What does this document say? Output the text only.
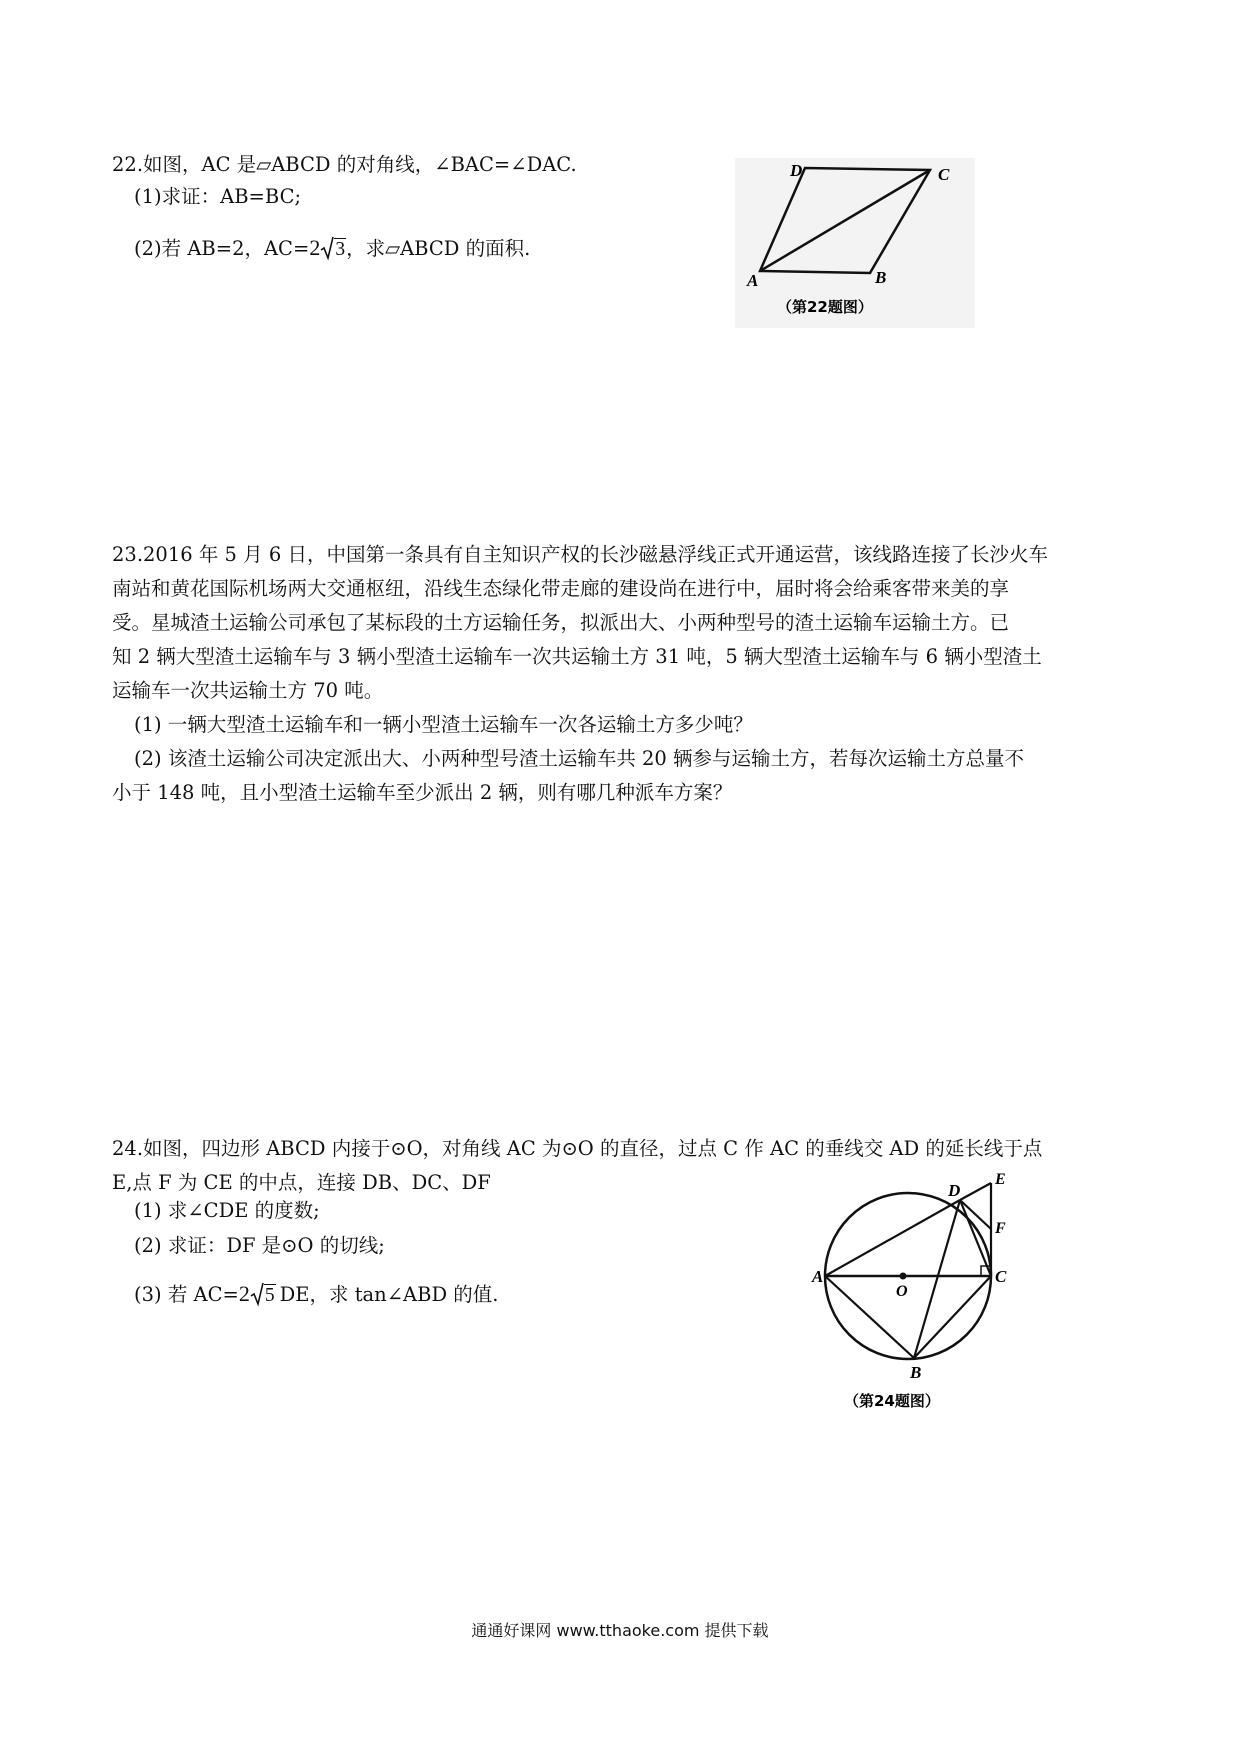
22.如图，AC 是▱ABCD 的对角线，∠BAC=∠DAC.
(1)求证：AB=BC;
(2)若 AB=2，AC=2 3，求▱ABCD 的面积.
D	C
A	B
（第22题图）

23.2016 年 5 月 6 日，中国第一条具有自主知识产权的长沙磁悬浮线正式开通运营，该线路连接了长沙火车

南站和黄花国际机场两大交通枢纽，沿线生态绿化带走廊的建设尚在进行中，届时将会给乘客带来美的享

受。星城渣土运输公司承包了某标段的土方运输任务，拟派出大、小两种型号的渣土运输车运输土方。已

知 2 辆大型渣土运输车与 3 辆小型渣土运输车一次共运输土方 31 吨，5 辆大型渣土运输车与 6 辆小型渣土

运输车一次共运输土方 70 吨。

(1) 一辆大型渣土运输车和一辆小型渣土运输车一次各运输土方多少吨？

(2) 该渣土运输公司决定派出大、小两种型号渣土运输车共 20 辆参与运输土方，若每次运输土方总量不

小于 148 吨，且小型渣土运输车至少派出 2 辆，则有哪几种派车方案？

24.如图，四边形 ABCD 内接于⊙O，对角线 AC 为⊙O 的直径，过点 C 作 AC 的垂线交 AD 的延长线于点

E,点 F 为 CE 的中点，连接 DB、DC、DF

(1) 求∠CDE 的度数;
(2) 求证：DF 是⊙O 的切线;
(3) 若 AC=2 5 DE，求 tan∠ABD 的值.
A	C
D
E
F
O
B
（第24题图）
通通好课网 www.tthaoke.com 提供下载
